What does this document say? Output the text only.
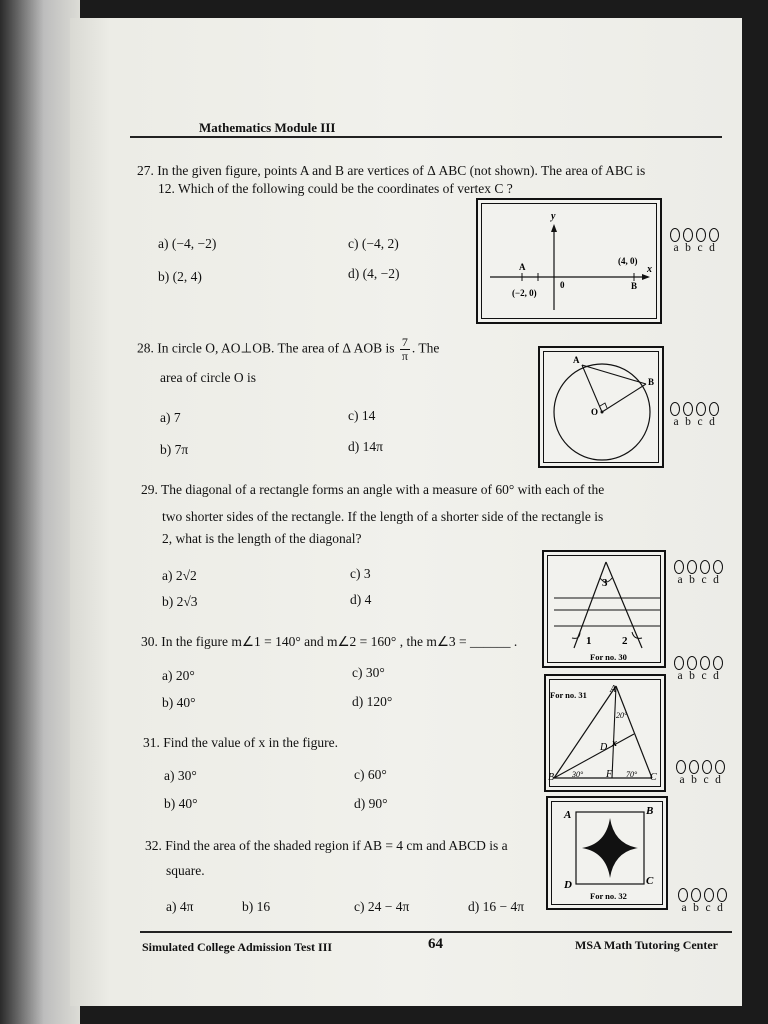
Mathematics Module III
27. In the given figure, points A and B are vertices of Δ ABC (not shown). The area of ABC is
12. Which of the following could be the coordinates of vertex C ?
a) (−4, −2)
b) (2, 4)
c) (−4, 2)
d) (4, −2)
y
x
A
B
0
(−2, 0)
(4, 0)
a b c d
28. In circle O, AO⊥OB. The area of Δ AOB is $\frac{7}{\pi}$ . The
area of circle O is
a) 7
b) 7π
c) 14
d) 14π
A
B
O
a b c d
29. The diagonal of a rectangle forms an angle with a measure of 60° with each of the
two shorter sides of the rectangle. If the length of a shorter side of the rectangle is
2, what is the length of the diagonal?
a) 2√2
b) 2√3
c) 3
d) 4
3
1	2
For no. 30
a b c d
30. In the figure m∠1 = 140° and m∠2 = 160° , the m∠3 = ______ .
a) 20°
b) 40°
c) 30°
d) 120°	For no. 31 A
20°
D x
B 30° F 70° C
a b c d
31. Find the value of x in the figure.
a) 30°
b) 40°
c) 60°
d) 90°
a b c d
32. Find the area of the shaded region if AB = 4 cm and ABCD is a
square.
a) 4π	b) 16	c) 24 − 4π	d) 16 − 4π
A	B
C
D
For no. 32
a b c d
Simulated College Admission Test III	64	MSA Math Tutoring Center
